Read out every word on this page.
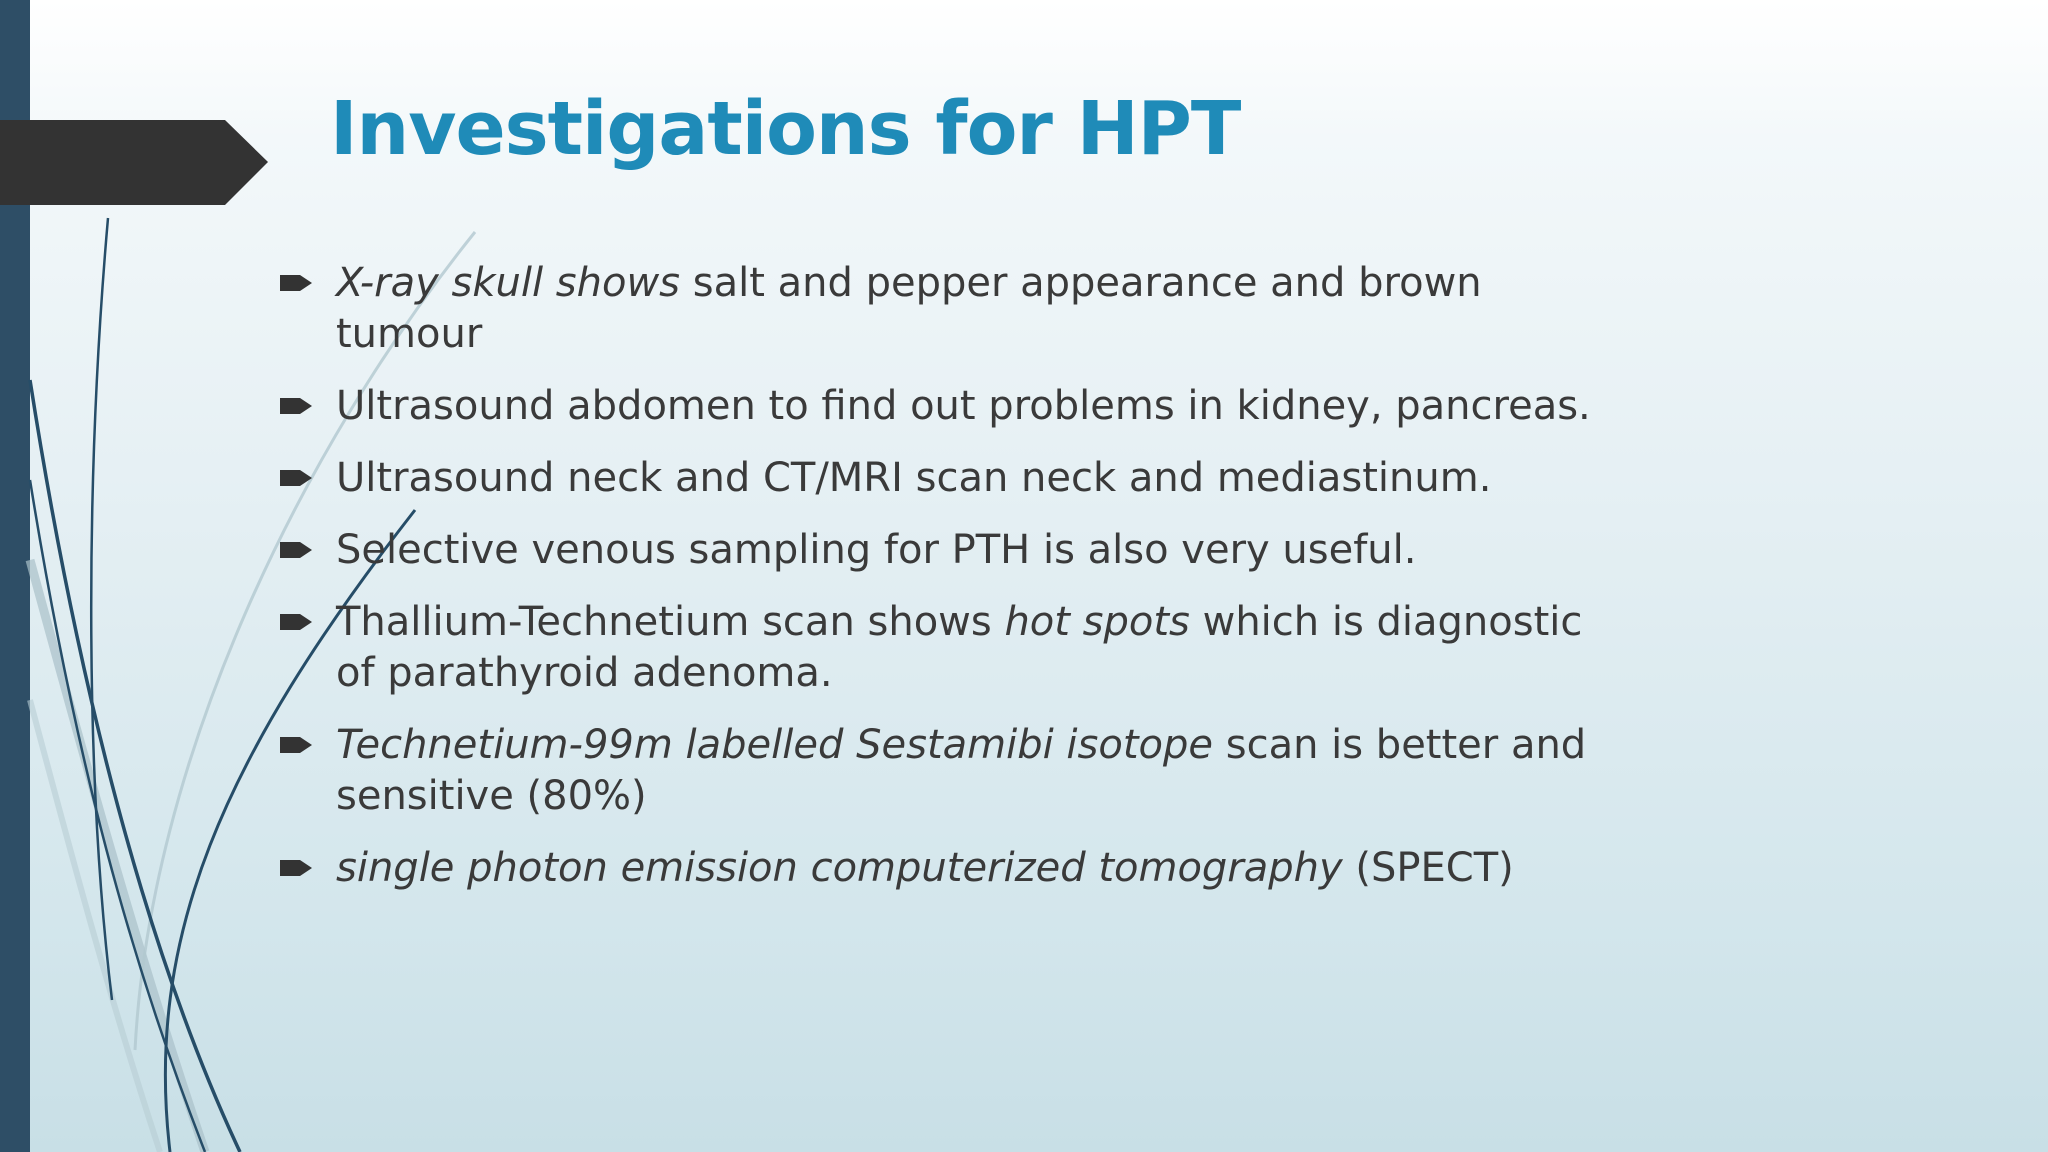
Investigations for HPT
X-ray skull shows salt and pepper appearance and brown tumour
Ultrasound abdomen to find out problems in kidney, pancreas.
Ultrasound neck and CT/MRI scan neck and mediastinum.
Selective venous sampling for PTH is also very useful.
Thallium-Technetium scan shows hot spots which is diagnostic of parathyroid adenoma.
Technetium-99m labelled Sestamibi isotope scan is better and sensitive (80%)
single photon emission computerized tomography (SPECT)
